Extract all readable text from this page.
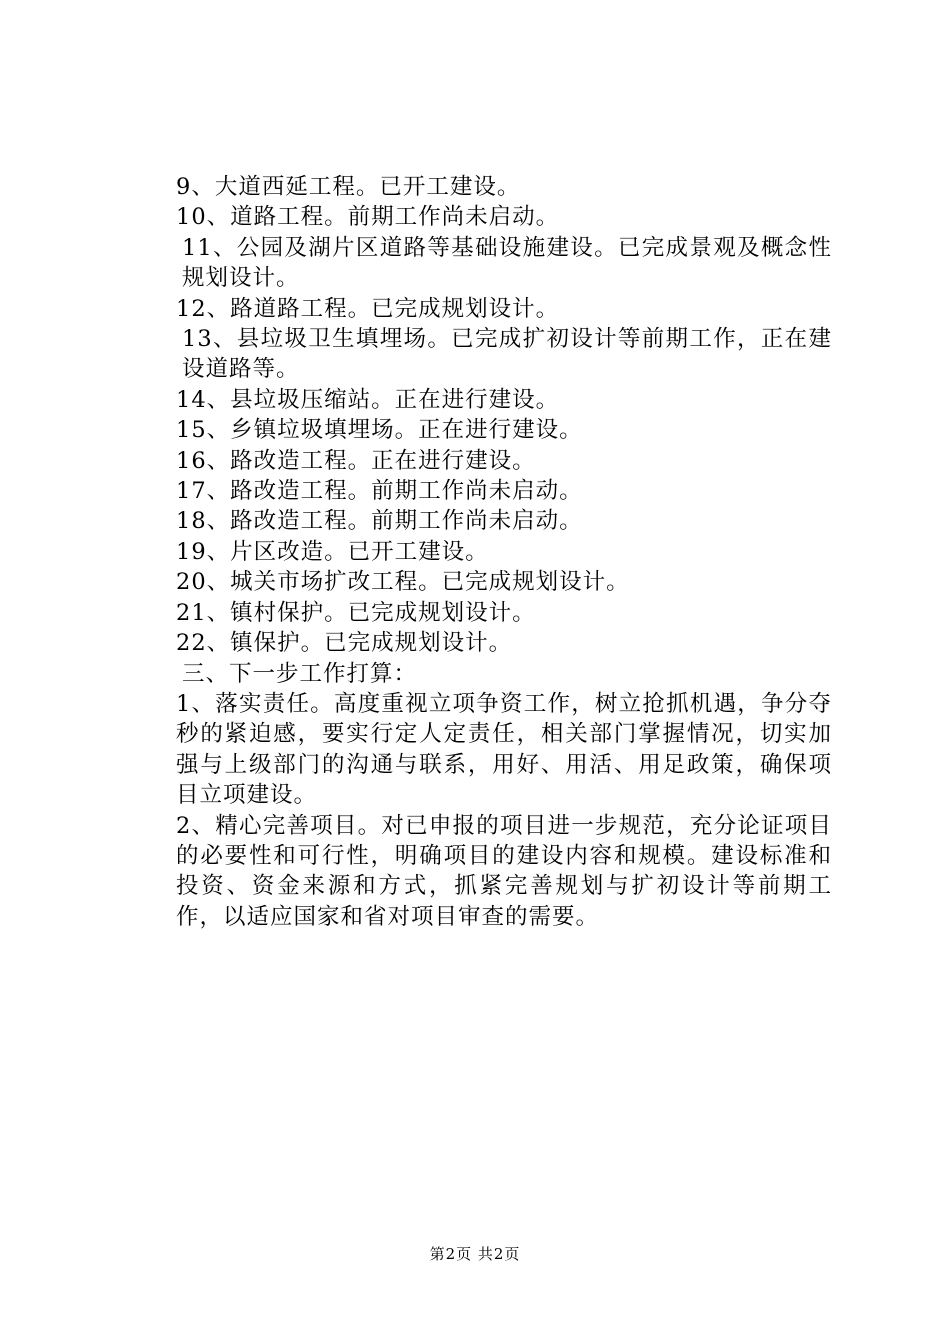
9、大道西延工程。已开工建设。
10、道路工程。前期工作尚未启动。
11、公园及湖片区道路等基础设施建设。已完成景观及概念性规划设计。
12、路道路工程。已完成规划设计。
13、县垃圾卫生填埋场。已完成扩初设计等前期工作，正在建设道路等。
14、县垃圾压缩站。正在进行建设。
15、乡镇垃圾填埋场。正在进行建设。
16、路改造工程。正在进行建设。
17、路改造工程。前期工作尚未启动。
18、路改造工程。前期工作尚未启动。
19、片区改造。已开工建设。
20、城关市场扩改工程。已完成规划设计。
21、镇村保护。已完成规划设计。
22、镇保护。已完成规划设计。
三、下一步工作打算：
1、落实责任。高度重视立项争资工作，树立抢抓机遇，争分夺秒的紧迫感，要实行定人定责任，相关部门掌握情况，切实加强与上级部门的沟通与联系，用好、用活、用足政策，确保项目立项建设。
2、精心完善项目。对已申报的项目进一步规范，充分论证项目的必要性和可行性，明确项目的建设内容和规模。建设标准和投资、资金来源和方式，抓紧完善规划与扩初设计等前期工作，以适应国家和省对项目审查的需要。
第2页 共2页
